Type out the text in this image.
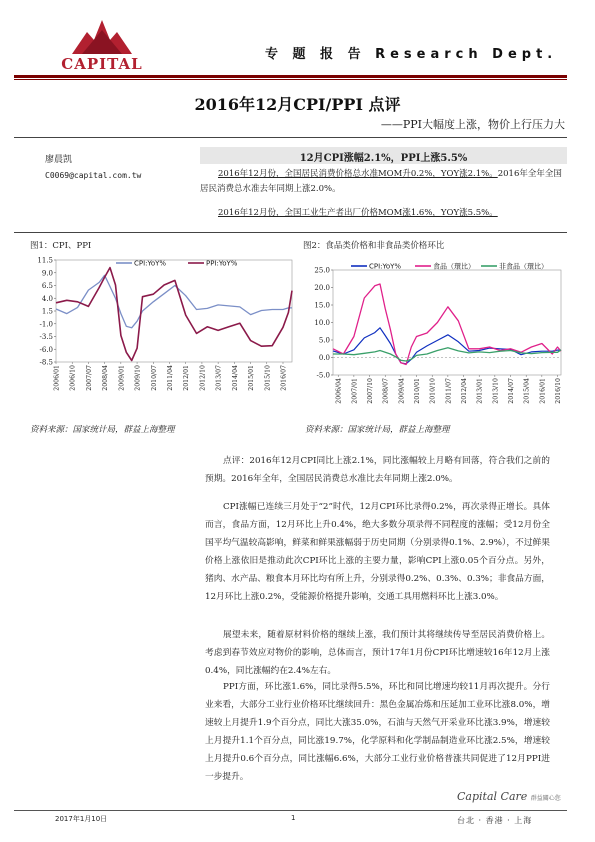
CAPITAL
专 题 报 告 Research Dept.
2016年12月CPI/PPI 点评
——PPI大幅度上涨，物价上行压力大
廖晨凯
C0069@capital.com.tw
12月CPI涨幅2.1%，PPI上涨5.5%
2016年12月份，全国居民消费价格总水准MOM升0.2%，YOY涨2.1%。2016年全年全国居民消费总水准去年同期上涨2.0%。
2016年12月份，全国工业生产者出厂价格MOM涨1.6%，YOY涨5.5%。
图1：CPI、PPI	图2：食品类价格和非食品类价格环比
-8.5
-6.0
-3.5
-1.0
1.5
4.0
6.5
9.0
11.5
2006/01 2006/10 2007/07 2008/04 2009/01 2009/10 2010/07 2011/04 2012/01 2012/10 2013/07 2014/04 2015/01 2015/10 2016/07
CPI:YoY%	PPI:YoY%
-5.0
0.0
5.0
10.0
15.0
20.0
25.0
2006/04 2007/01 2007/10 2008/07 2009/04 2010/01 2010/10 2011/07 2012/04 2013/01 2013/10 2014/07 2015/04 2016/01 2016/10
CPI:YoY%	食品（環比）	非食品（環比）
资料来源：国家统计局，群益上海整理	资料来源：国家统计局，群益上海整理

点评：2016年12月CPI同比上涨2.1%，同比涨幅较上月略有回落，符合我们之前的预期。2016年全年，全国居民消费总水准比去年同期上涨2.0%。

CPI涨幅已连续三月处于“2”时代，12月CPI环比录得0.2%，再次录得正增长。具体而言，食品方面，12月环比上升0.4%，绝大多数分项录得不同程度的涨幅；受12月份全国平均气温较高影响，鲜菜和鲜果涨幅弱于历史同期（分别录得0.1%、2.9%），不过鲜果价格上涨依旧是推动此次CPI环比上涨的主要力量，影响CPI上涨0.05个百分点。另外，猪肉、水产品、粮食本月环比均有所上升，分别录得0.2%、0.3%、0.3%；非食品方面，12月环比上涨0.2%，受能源价格提升影响，交通工具用燃料环比上涨3.0%。

展望未来，随着原材料价格的继续上涨，我们预计其将继续传导至居民消费价格上。考虑到春节效应对物价的影响，总体而言，预计17年1月份CPI环比增速较16年12月上涨0.4%，同比涨幅约在2.4%左右。

PPI方面，环比涨1.6%，同比录得5.5%，环比和同比增速均较11月再次提升。分行业来看，大部分工业行业价格环比继续回升：黑色金属冶炼和压延加工业环比涨8.0%，增速较上月提升1.9个百分点，同比大涨35.0%，石油与天然气开采业环比涨3.9%，增速较上月提升1.1个百分点，同比涨19.7%，化学原料和化学制品制造业环比涨2.5%，增速较上月提升0.6个百分点，同比涨幅6.6%，大部分工业行业价格普涨共同促进了12月PPI进一步提升。

Capital Care 群益關心您
2017年1月10日	1	台北 · 香港 · 上海
